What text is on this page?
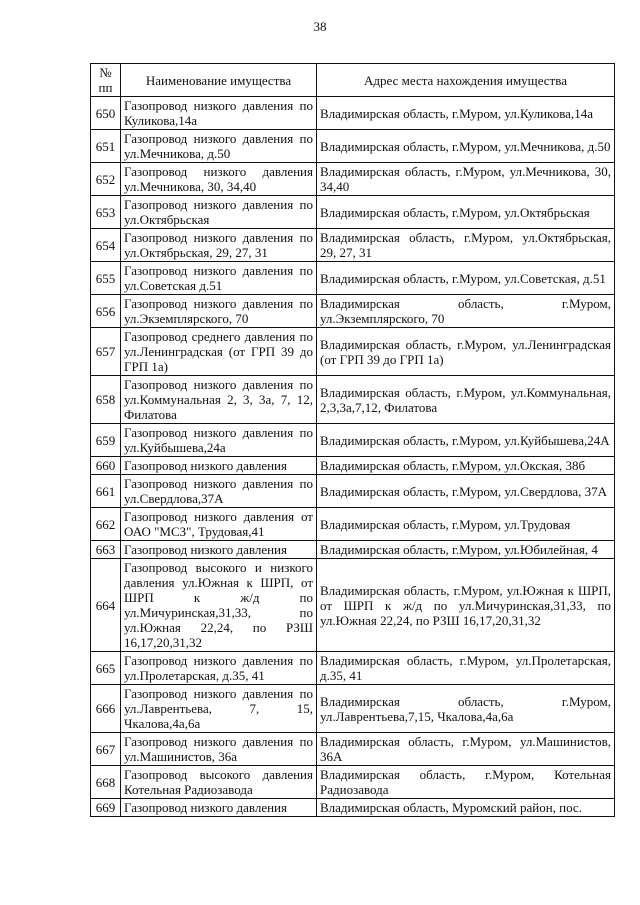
38
№
пп	Наименование имущества	Адрес места нахождения имущества
650	Газопровод низкого давления по Куликова,14а	Владимирская область, г.Муром, ул.Куликова,14а
651	Газопровод низкого давления по ул.Мечникова, д.50	Владимирская область, г.Муром, ул.Мечникова, д.50
652	Газопровод низкого давления ул.Мечникова, 30, 34,40	Владимирская область, г.Муром, ул.Мечникова, 30, 34,40
653	Газопровод низкого давления по ул.Октябрьская	Владимирская область, г.Муром, ул.Октябрьская
654	Газопровод низкого давления по ул.Октябрьская, 29, 27, 31	Владимирская область, г.Муром, ул.Октябрьская, 29, 27, 31
655	Газопровод низкого давления по ул.Советская д.51	Владимирская область, г.Муром, ул.Советская, д.51
656	Газопровод низкого давления по ул.Экземплярского, 70	Владимирская область, г.Муром, ул.Экземплярского, 70
657	Газопровод среднего давления по ул.Ленинградская (от ГРП 39 до ГРП 1а)	Владимирская область, г.Муром, ул.Ленинградская (от ГРП 39 до ГРП 1а)
658	Газопровод низкого давления по ул.Коммунальная 2, 3, 3а, 7, 12, Филатова	Владимирская область, г.Муром, ул.Коммунальная, 2,3,3а,7,12, Филатова
659	Газопровод низкого давления по ул.Куйбышева,24а	Владимирская область, г.Муром, ул.Куйбышева,24А
660	Газопровод низкого давления	Владимирская область, г.Муром, ул.Окская, 38б
661	Газопровод низкого давления по ул.Свердлова,37А	Владимирская область, г.Муром, ул.Свердлова, 37А
662	Газопровод низкого давления от ОАО "МСЗ", Трудовая,41	Владимирская область, г.Муром, ул.Трудовая
663	Газопровод низкого давления	Владимирская область, г.Муром, ул.Юбилейная, 4
664	Газопровод высокого и низкого давления ул.Южная к ШРП, от ШРП к ж/д по ул.Мичуринская,31,33, по ул.Южная 22,24, по РЗШ 16,17,20,31,32	Владимирская область, г.Муром, ул.Южная к ШРП, от ШРП к ж/д по ул.Мичуринская,31,33, по ул.Южная 22,24, по РЗШ 16,17,20,31,32
665	Газопровод низкого давления по ул.Пролетарская, д.35, 41	Владимирская область, г.Муром, ул.Пролетарская, д.35, 41
666	Газопровод низкого давления по ул.Лаврентьева, 7, 15, Чкалова,4а,6а	Владимирская область, г.Муром, ул.Лаврентьева,7,15, Чкалова,4а,6а
667	Газопровод низкого давления по ул.Машинистов, 36а	Владимирская область, г.Муром, ул.Машинистов, 36А
668	Газопровод высокого давления Котельная Радиозавода	Владимирская область, г.Муром, Котельная Радиозавода
669	Газопровод низкого давления	Владимирская область, Муромский район, пос.
